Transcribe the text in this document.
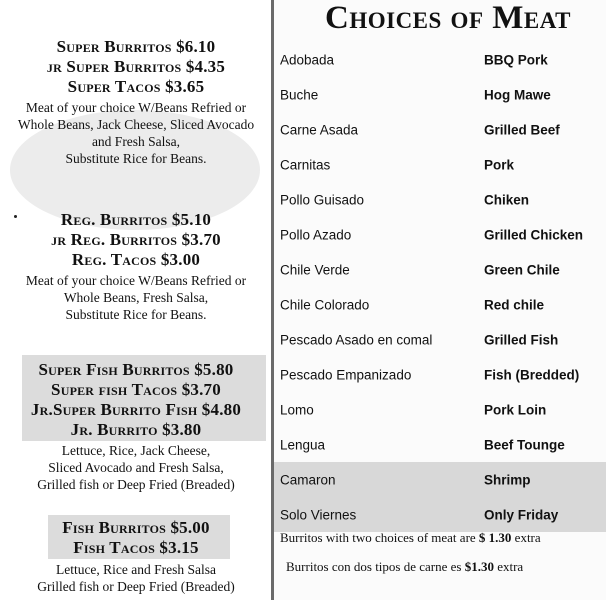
Super Burritos $6.10
jr Super Burritos $4.35
Super Tacos $3.65
Meat of your choice W/Beans Refried or
Whole Beans, Jack Cheese, Sliced Avocado
and Fresh Salsa,
Substitute Rice for Beans.
Reg. Burritos $5.10
jr Reg. Burritos $3.70
Reg. Tacos $3.00
Meat of your choice W/Beans Refried or
Whole Beans, Fresh Salsa,
Substitute Rice for Beans.
Super Fish Burritos $5.80
Super fish Tacos $3.70
Jr.Super Burrito Fish $4.80
Jr. Burrito $3.80
Lettuce, Rice, Jack Cheese,
Sliced Avocado and Fresh Salsa,
Grilled fish or Deep Fried (Breaded)
Fish Burritos $5.00
Fish Tacos $3.15
Lettuce, Rice and Fresh Salsa
Grilled fish or Deep Fried (Breaded)
Choices of Meat
Adobada	BBQ Pork
Buche	Hog Mawe
Carne Asada	Grilled Beef
Carnitas	Pork
Pollo Guisado	Chiken
Pollo Azado	Grilled Chicken
Chile Verde	Green Chile
Chile Colorado	Red chile
Pescado Asado en comal	Grilled Fish
Pescado Empanizado	Fish (Bredded)
Lomo	Pork Loin
Lengua	Beef Tounge
Camaron	Shrimp
Solo Viernes	Only Friday
Burritos with two choices of meat are $ 1.30 extra
Burritos con dos tipos de carne es $1.30 extra
